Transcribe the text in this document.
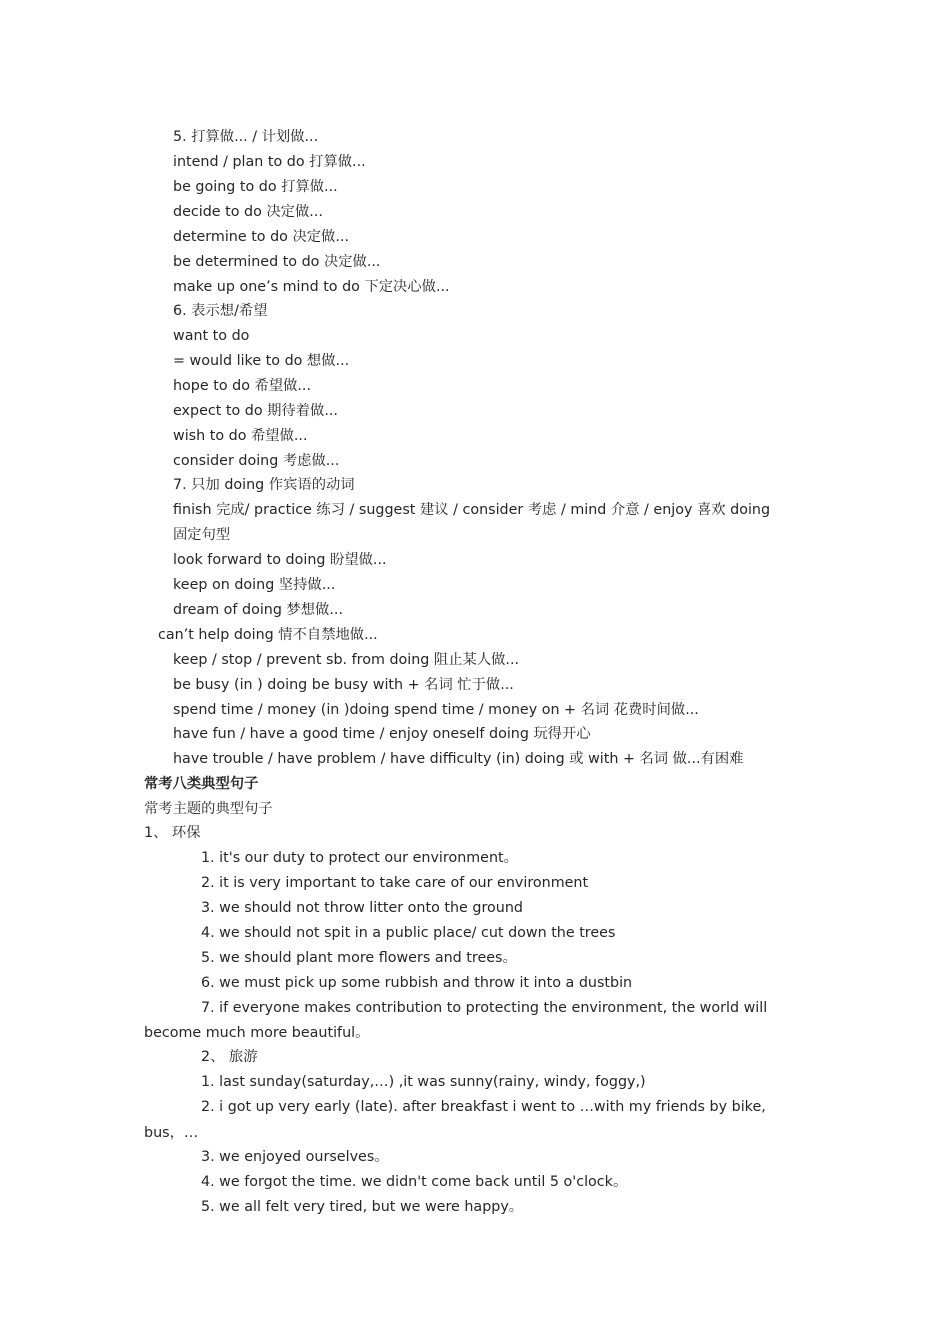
5. 打算做... / 计划做...
intend / plan to do 打算做...
be going to do 打算做...
decide to do 决定做...
determine to do 决定做...
be determined to do 决定做...
make up one’s mind to do 下定决心做...
6. 表示想/希望
want to do
= would like to do 想做...
hope to do 希望做...
expect to do 期待着做...
wish to do 希望做...
consider doing 考虑做...
7. 只加 doing 作宾语的动词
finish 完成/ practice 练习 / suggest 建议 / consider 考虑 / mind 介意 / enjoy 喜欢 doing
固定句型
look forward to doing 盼望做...
keep on doing 坚持做...
dream of doing 梦想做...
can’t help doing 情不自禁地做...
keep / stop / prevent sb. from doing 阻止某人做...
be busy (in ) doing be busy with + 名词 忙于做...
spend time / money (in )doing spend time / money on + 名词 花费时间做...
have fun / have a good time / enjoy oneself doing 玩得开心
have trouble / have problem / have difficulty (in) doing 或 with + 名词 做...有困难
常考八类典型句子
常考主题的典型句子
1、 环保
1. it's our duty to protect our environment。
2. it is very important to take care of our environment
3. we should not throw litter onto the ground
4. we should not spit in a public place/ cut down the trees
5. we should plant more flowers and trees。
6. we must pick up some rubbish and throw it into a dustbin
7. if everyone makes contribution to protecting the environment, the world will
become much more beautiful。
2、 旅游
1. last sunday(saturday,…) ,it was sunny(rainy, windy, foggy,)
2. i got up very early (late). after breakfast i went to …with my friends by bike,
bus，…
3. we enjoyed ourselves。
4. we forgot the time. we didn't come back until 5 o'clock。
5. we all felt very tired, but we were happy。
